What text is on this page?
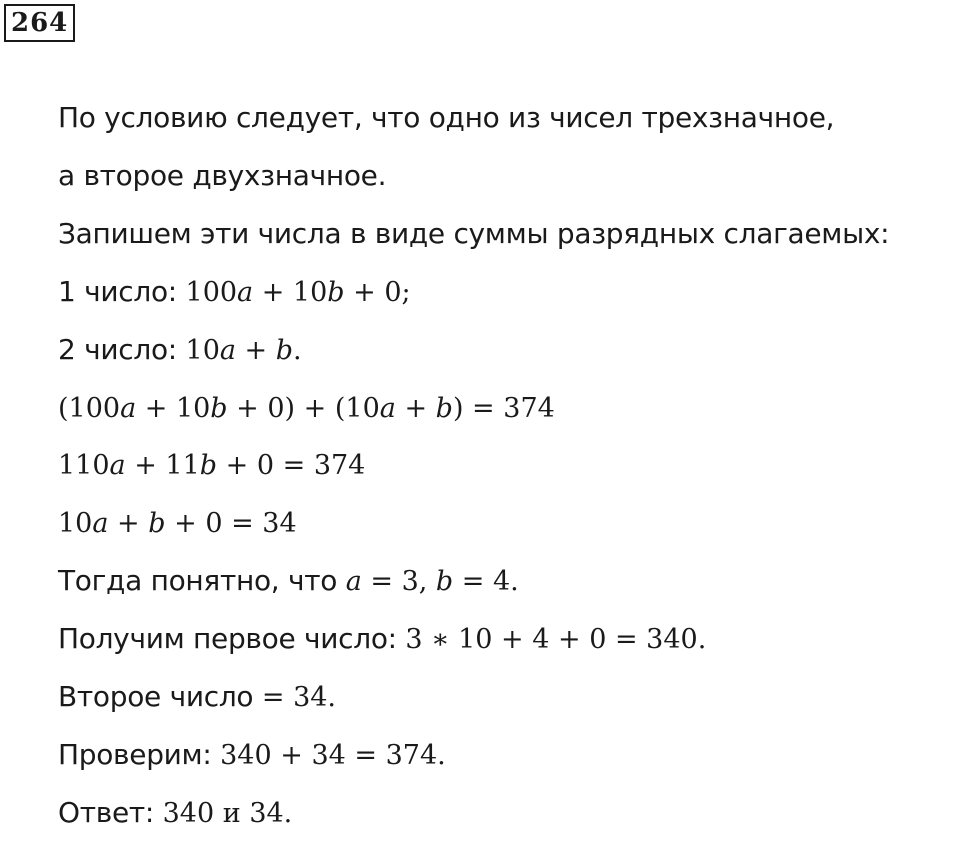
264
По условию следует, что одно из чисел трехзначное,
а второе двухзначное.
Запишем эти числа в виде суммы разрядных слагаемых:
1 число: 100𝑎 + 10𝑏 + 0;
2 число: 10𝑎 + 𝑏.
(100𝑎 + 10𝑏 + 0) + (10𝑎 + 𝑏) = 374
110𝑎 + 11𝑏 + 0 = 374
10𝑎 + 𝑏 + 0 = 34
Тогда понятно, что 𝑎 = 3, 𝑏 = 4.
Получим первое число: 3 ∗ 10 + 4 + 0 = 340.
Второе число = 34.
Проверим: 340 + 34 = 374.
Ответ: 340 и 34.
